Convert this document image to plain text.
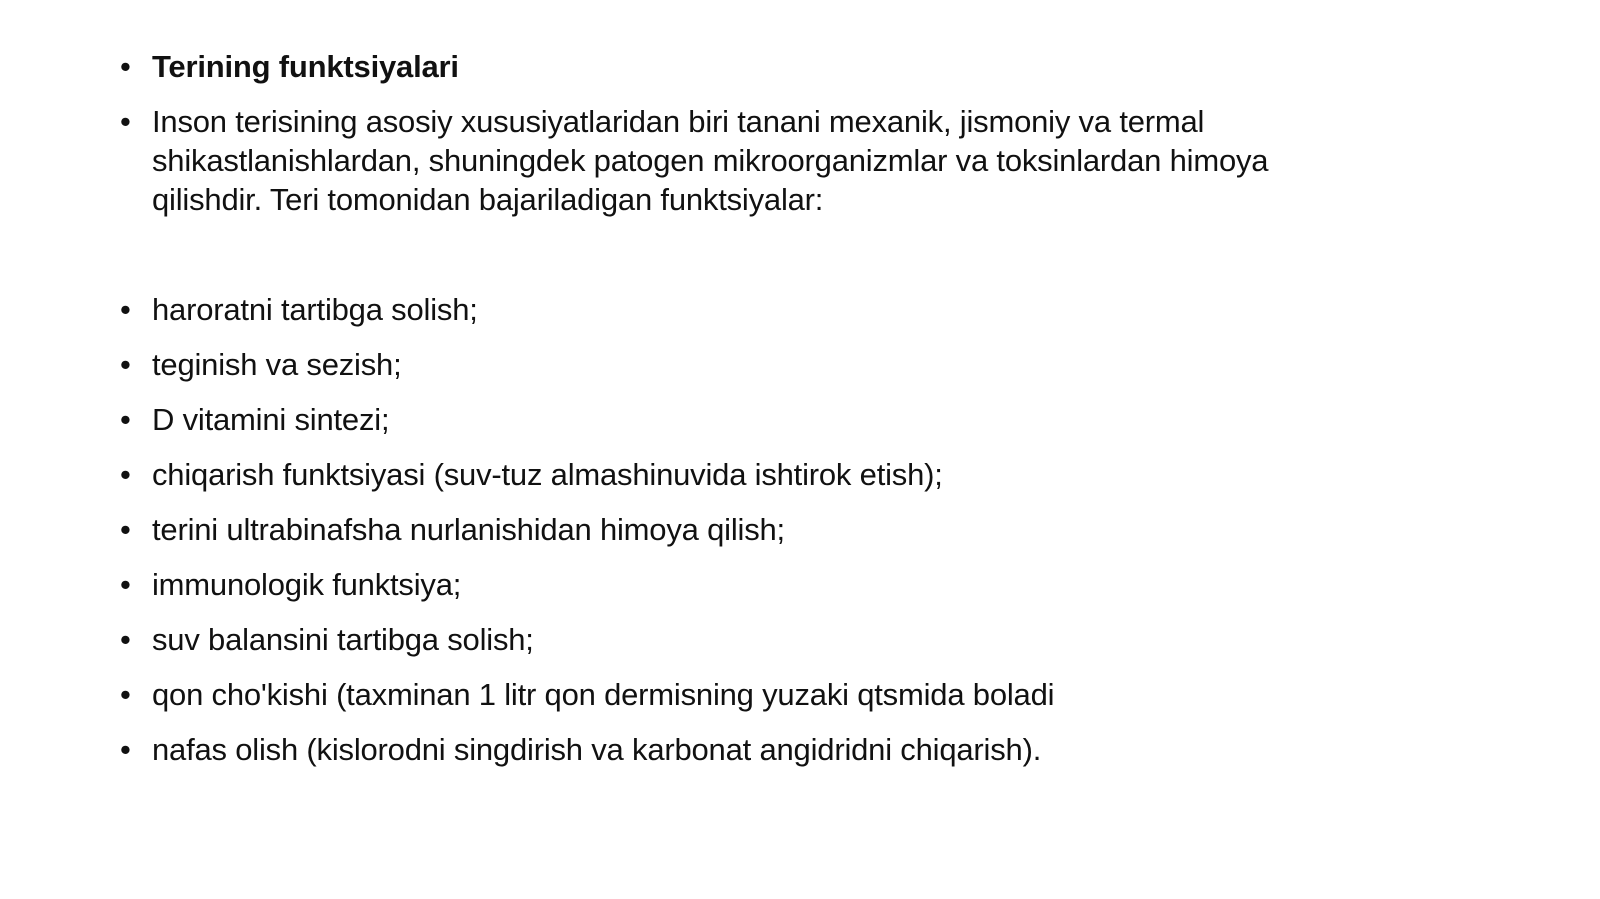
• Terining funktsiyalari
• Inson terisining asosiy xususiyatlaridan biri tanani mexanik, jismoniy va termal shikastlanishlardan, shuningdek patogen mikroorganizmlar va toksinlardan himoya qilishdir. Teri tomonidan bajariladigan funktsiyalar:
• haroratni tartibga solish;
• teginish va sezish;
• D vitamini sintezi;
• chiqarish funktsiyasi (suv-tuz almashinuvida ishtirok etish);
• terini ultrabinafsha nurlanishidan himoya qilish;
• immunologik funktsiya;
• suv balansini tartibga solish;
• qon cho'kishi (taxminan 1 litr qon dermisning yuzaki qtsmida boladi
• nafas olish (kislorodni singdirish va karbonat angidridni chiqarish).
